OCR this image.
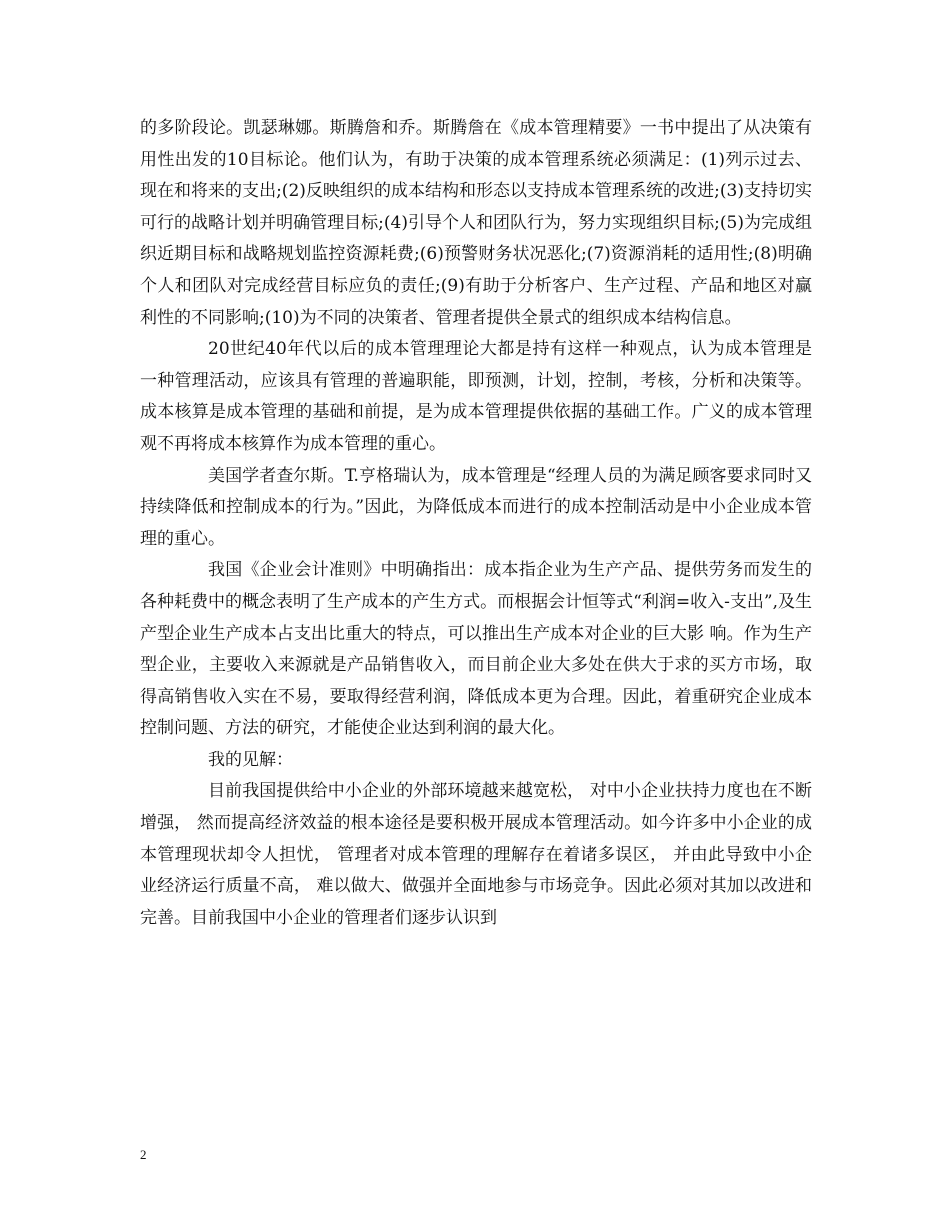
的多阶段论。凯瑟琳娜。斯腾詹和乔。斯腾詹在《成本管理精要》一书中提出了从决策有用性出发的10目标论。他们认为，有助于决策的成本管理系统必须满足：(1)列示过去、现在和将来的支出;(2)反映组织的成本结构和形态以支持成本管理系统的改进;(3)支持切实可行的战略计划并明确管理目标;(4)引导个人和团队行为，努力实现组织目标;(5)为完成组织近期目标和战略规划监控资源耗费;(6)预警财务状况恶化;(7)资源消耗的适用性;(8)明确个人和团队对完成经营目标应负的责任;(9)有助于分析客户、生产过程、产品和地区对赢利性的不同影响;(10)为不同的决策者、管理者提供全景式的组织成本结构信息。

20世纪40年代以后的成本管理理论大都是持有这样一种观点，认为成本管理是一种管理活动，应该具有管理的普遍职能，即预测，计划，控制，考核，分析和决策等。成本核算是成本管理的基础和前提，是为成本管理提供依据的基础工作。广义的成本管理观不再将成本核算作为成本管理的重心。

美国学者查尔斯。T.亨格瑞认为，成本管理是“经理人员的为满足顾客要求同时又持续降低和控制成本的行为。”因此，为降低成本而进行的成本控制活动是中小企业成本管理的重心。

我国《企业会计准则》中明确指出：成本指企业为生产产品、提供劳务而发生的各种耗费中的概念表明了生产成本的产生方式。而根据会计恒等式“利润=收入-支出”,及生产型企业生产成本占支出比重大的特点，可以推出生产成本对企业的巨大影 响。作为生产型企业，主要收入来源就是产品销售收入，而目前企业大多处在供大于求的买方市场，取得高销售收入实在不易，要取得经营利润，降低成本更为合理。因此，着重研究企业成本控制问题、方法的研究，才能使企业达到利润的最大化。

我的见解：

目前我国提供给中小企业的外部环境越来越宽松， 对中小企业扶持力度也在不断增强， 然而提高经济效益的根本途径是要积极开展成本管理活动。如今许多中小企业的成本管理现状却令人担忧， 管理者对成本管理的理解存在着诸多误区， 并由此导致中小企业经济运行质量不高， 难以做大、做强并全面地参与市场竞争。因此必须对其加以改进和完善。目前我国中小企业的管理者们逐步认识到

2
